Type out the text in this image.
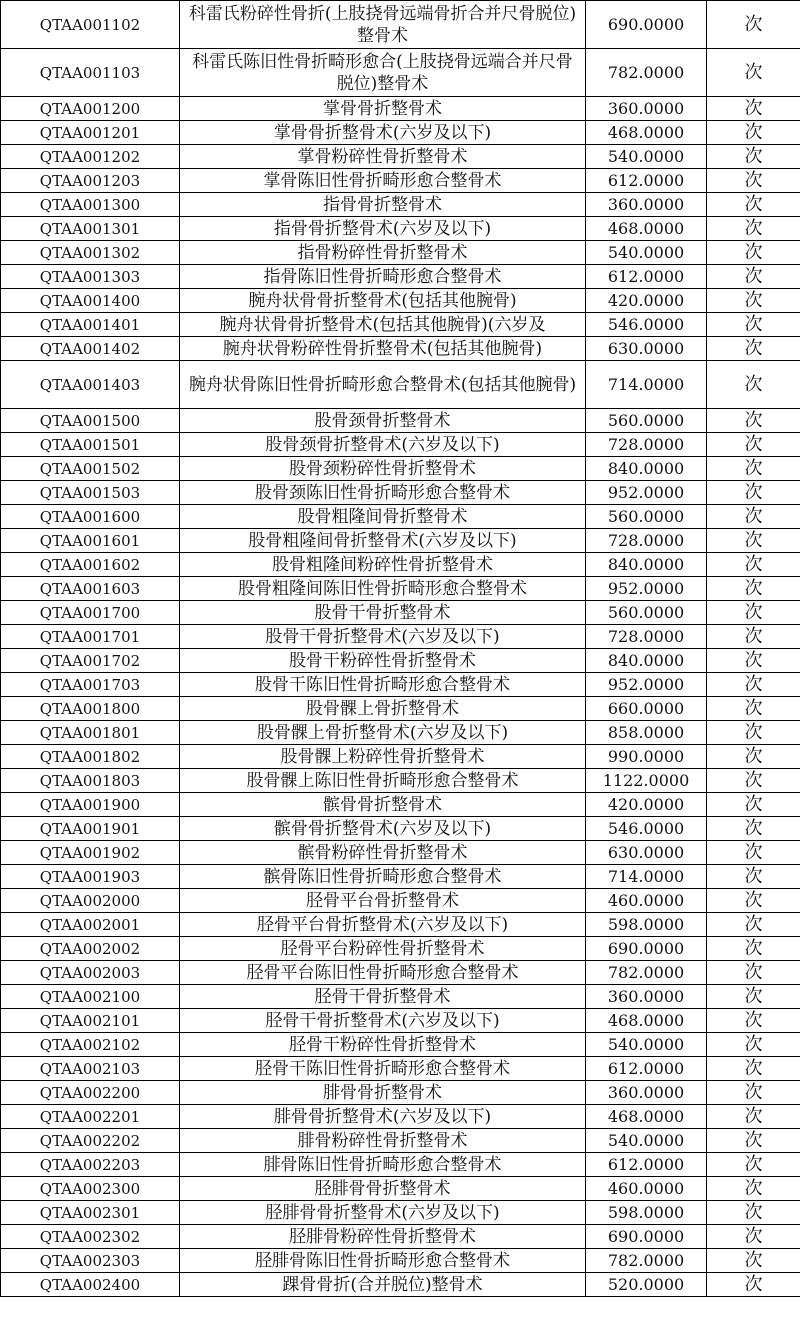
QTAA001102	科雷氏粉碎性骨折(上肢挠骨远端骨折合并尺骨脱位)整骨术	690.0000	次
QTAA001103	科雷氏陈旧性骨折畸形愈合(上肢挠骨远端合并尺骨脱位)整骨术	782.0000	次
QTAA001200	掌骨骨折整骨术	360.0000	次
QTAA001201	掌骨骨折整骨术(六岁及以下)	468.0000	次
QTAA001202	掌骨粉碎性骨折整骨术	540.0000	次
QTAA001203	掌骨陈旧性骨折畸形愈合整骨术	612.0000	次
QTAA001300	指骨骨折整骨术	360.0000	次
QTAA001301	指骨骨折整骨术(六岁及以下)	468.0000	次
QTAA001302	指骨粉碎性骨折整骨术	540.0000	次
QTAA001303	指骨陈旧性骨折畸形愈合整骨术	612.0000	次
QTAA001400	腕舟状骨骨折整骨术(包括其他腕骨)	420.0000	次
QTAA001401	腕舟状骨骨折整骨术(包括其他腕骨)(六岁及	546.0000	次
QTAA001402	腕舟状骨粉碎性骨折整骨术(包括其他腕骨)	630.0000	次
QTAA001403	腕舟状骨陈旧性骨折畸形愈合整骨术(包括其他腕骨)	714.0000	次
QTAA001500	股骨颈骨折整骨术	560.0000	次
QTAA001501	股骨颈骨折整骨术(六岁及以下)	728.0000	次
QTAA001502	股骨颈粉碎性骨折整骨术	840.0000	次
QTAA001503	股骨颈陈旧性骨折畸形愈合整骨术	952.0000	次
QTAA001600	股骨粗隆间骨折整骨术	560.0000	次
QTAA001601	股骨粗隆间骨折整骨术(六岁及以下)	728.0000	次
QTAA001602	股骨粗隆间粉碎性骨折整骨术	840.0000	次
QTAA001603	股骨粗隆间陈旧性骨折畸形愈合整骨术	952.0000	次
QTAA001700	股骨干骨折整骨术	560.0000	次
QTAA001701	股骨干骨折整骨术(六岁及以下)	728.0000	次
QTAA001702	股骨干粉碎性骨折整骨术	840.0000	次
QTAA001703	股骨干陈旧性骨折畸形愈合整骨术	952.0000	次
QTAA001800	股骨髁上骨折整骨术	660.0000	次
QTAA001801	股骨髁上骨折整骨术(六岁及以下)	858.0000	次
QTAA001802	股骨髁上粉碎性骨折整骨术	990.0000	次
QTAA001803	股骨髁上陈旧性骨折畸形愈合整骨术	1122.0000	次
QTAA001900	髌骨骨折整骨术	420.0000	次
QTAA001901	髌骨骨折整骨术(六岁及以下)	546.0000	次
QTAA001902	髌骨粉碎性骨折整骨术	630.0000	次
QTAA001903	髌骨陈旧性骨折畸形愈合整骨术	714.0000	次
QTAA002000	胫骨平台骨折整骨术	460.0000	次
QTAA002001	胫骨平台骨折整骨术(六岁及以下)	598.0000	次
QTAA002002	胫骨平台粉碎性骨折整骨术	690.0000	次
QTAA002003	胫骨平台陈旧性骨折畸形愈合整骨术	782.0000	次
QTAA002100	胫骨干骨折整骨术	360.0000	次
QTAA002101	胫骨干骨折整骨术(六岁及以下)	468.0000	次
QTAA002102	胫骨干粉碎性骨折整骨术	540.0000	次
QTAA002103	胫骨干陈旧性骨折畸形愈合整骨术	612.0000	次
QTAA002200	腓骨骨折整骨术	360.0000	次
QTAA002201	腓骨骨折整骨术(六岁及以下)	468.0000	次
QTAA002202	腓骨粉碎性骨折整骨术	540.0000	次
QTAA002203	腓骨陈旧性骨折畸形愈合整骨术	612.0000	次
QTAA002300	胫腓骨骨折整骨术	460.0000	次
QTAA002301	胫腓骨骨折整骨术(六岁及以下)	598.0000	次
QTAA002302	胫腓骨粉碎性骨折整骨术	690.0000	次
QTAA002303	胫腓骨陈旧性骨折畸形愈合整骨术	782.0000	次
QTAA002400	踝骨骨折(合并脱位)整骨术	520.0000	次
